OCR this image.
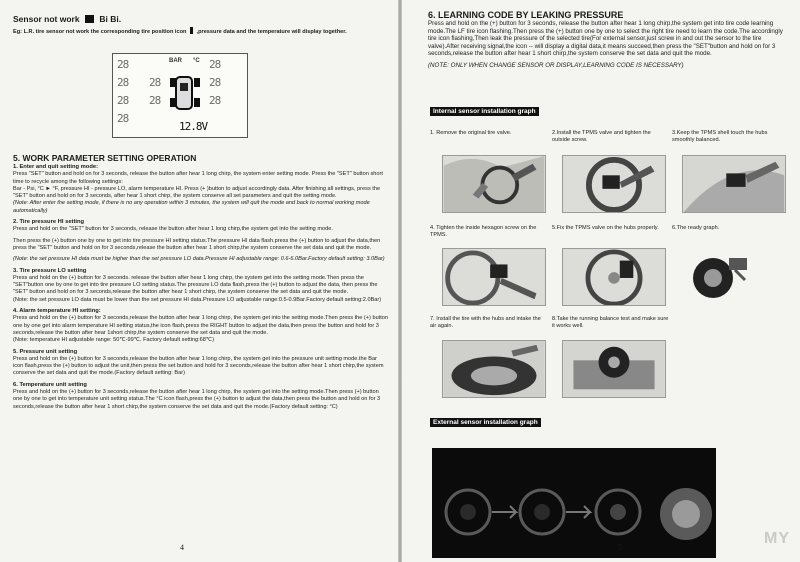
Sensor not work Bi Bi.
Eg: L.R. tire sensor not work the corresponding tire position icon ,pressure data and the temperature will display together.
28
28
28
28
28
28
BAR °C 28
28
28
12.8V
5. WORK PARAMETER SETTING OPERATION
1. Enter and quit setting mode:

Press "SET" button and hold on for 3 seconds, release the button after hear 1 long chirp, the system enter setting mode. Press the "SET" button short time to recycle among the following settings:

Bar - Psi, °C ► °F, pressure HI - pressure LO, alarm temperature HI. Press (+ )button to adjust accordingly data. After finishing all settings, press the "SET" button and hold on for 3 seconds, after hear 1 short chirp, the system conserve all set parameters and quit the setting mode.

(Note: After enter the setting mode, if there is no any operation within 3 minutes, the system will quit the mode and back to normal working mode automatically)

2. Tire pressure HI setting

Press and hold on the "SET" button for 3 seconds, release the button after hear 1 long chirp,the system get into the setting mode.

Then press the (+) button one by one to get into tire pressure HI setting status.The pressure HI data flash.press the (+) button to adjust the data,then press the "SET" button and hold on for 3 seconds,release the button after hear 1 short chirp,the system conserve the set data and quit the mode.

(Note: the set pressure HI data must be higher than the set pressure LO data.Pressure HI adjustable range: 0.6-6.0Bar.Factory default setting: 3.0Bar)

3. Tire pressure LO setting

Press and hold on the (+) button for 3 seconds. release the button after hear 1 long chirp, the system get into the setting mode.Then press the "SET"button one by one to get into tire pressure LO setting status.The pressure LO data flash,press the (+) button to adjust the data, then press the "SET" button and hold on for 3 seconds,release the button after hear 1 short chirp, the system conserve the set data and quit the mode.

(Note: the set pressure LO data must be lower than the set pressure HI data.Pressure LO adjustable range:0.5-0.9Bar.Factory default setting:2.0Bar)

4. Alarm temperature HI setting:

Press and hold on the (+) button for 3 seconds,release the button after hear 1 long chirp, the system get into the setting mode.Then press the (+) button one by one get into alarm temperature HI setting status,the icon flash,press the RIGHT button to adjust the data,then press the button and hold for 3 seconds,release the button after hear 1short chirp,the system conserve the set data and quit the mode.

(Note: temperature HI adjustable range: 50℃-99℃. Factory default setting:68℃)

5. Pressure unit setting

Press and hold on the (+) button for 3 seconds,release the button after hear 1 long chirp, the system get into the pressure unit setting mode.the Bar icon flash,press the (+) button to adjust the unit,then press the set button and hold for 3 seconds,release the button after hear 1 short chirp,the system conserve the set data and quit the mode.(Factory default setting: Bar)

6. Temperature unit setting

Press and hold on the (+) button for 3 seconds,release the button after hear 1 long chirp, the system get into the setting mode.Then press (+) button one by one to get into temperature unit setting status.The °C icon flash,press the (+) button to adjust the data,then press the button and hold on for 3 seconds,release the button after hear 1 short chirp,the system conserve the set data and quit the mode.(Factory default setting: °C)

4
6. LEARNING CODE BY LEAKING PRESSURE

Press and hold on the (+) button for 3 seconds, release the button after hear 1 long chirp,the system get into tire code learning mode.The LF tire icon flashing.Then press the (+) button one by one to select the right tire need to learn the code.The accordingly tire icon flashing,Then leak the pressure of the selected tire(For external sensor,just screw in and out the sensor to the tire valve).After receiving signal,the icon -- will display a digital data,it means succeed,then press the "SET"button and hold on for 3 seconds,release the button after hear 1 short chirp,the system conserve the set data and quit the mode.

(NOTE: ONLY WHEN CHANGE SENSOR OR DISPLAY,LEARNING CODE IS NECESSARY)

Internal sensor installation graph
1. Remove the original tire valve.	2.Install the TPMS valve and tighten the outside screw.
3.Keep the TPMS shell touch the hubs smoothly balanced.
4. Tighten the inside hexagon screw on the TPMS.
5.Fix the TPMS valve on the hubs properly.	6.The ready graph.
7. Install the tire with the hubs and intake the air again.
8.Take the running balance test and make sure it works well.
External sensor installation graph
5
MY
